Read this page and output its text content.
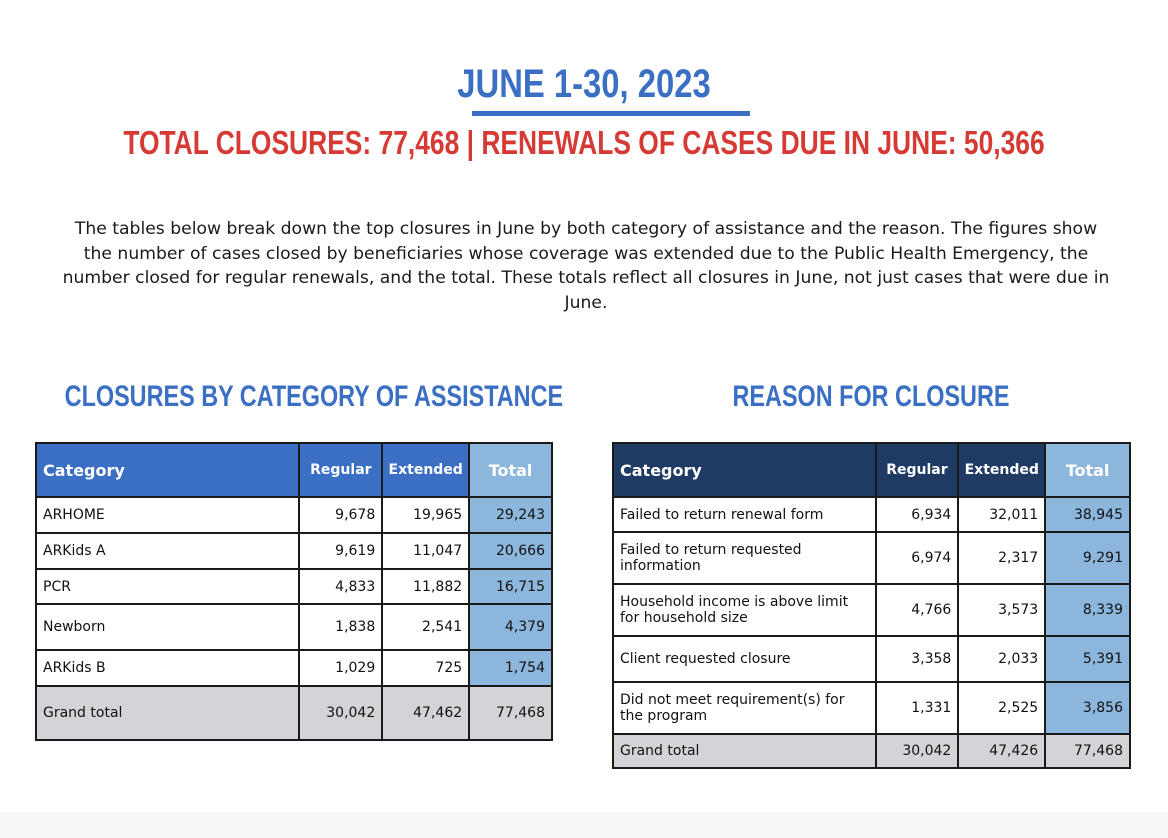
JUNE 1-30, 2023
TOTAL CLOSURES: 77,468 | RENEWALS OF CASES DUE IN JUNE: 50,366

The tables below break down the top closures in June by both category of assistance and the reason. The figures show the number of cases closed by beneficiaries whose coverage was extended due to the Public Health Emergency, the number closed for regular renewals, and the total. These totals reflect all closures in June, not just cases that were due in June.

CLOSURES BY CATEGORY OF ASSISTANCE	REASON FOR CLOSURE
Category	Regular	Extended	Total
ARHOME	9,678	19,965	29,243
ARKids A	9,619	11,047	20,666
PCR	4,833	11,882	16,715
Newborn	1,838	2,541	4,379
ARKids B	1,029	725	1,754
Grand total	30,042	47,462	77,468
Category	Regular	Extended	Total
Failed to return renewal form	6,934	32,011	38,945
Failed to return requested information	6,974	2,317	9,291
Household income is above limit for household size	4,766	3,573	8,339
Client requested closure	3,358	2,033	5,391
Did not meet requirement(s) for the program	1,331	2,525	3,856
Grand total	30,042	47,426	77,468
